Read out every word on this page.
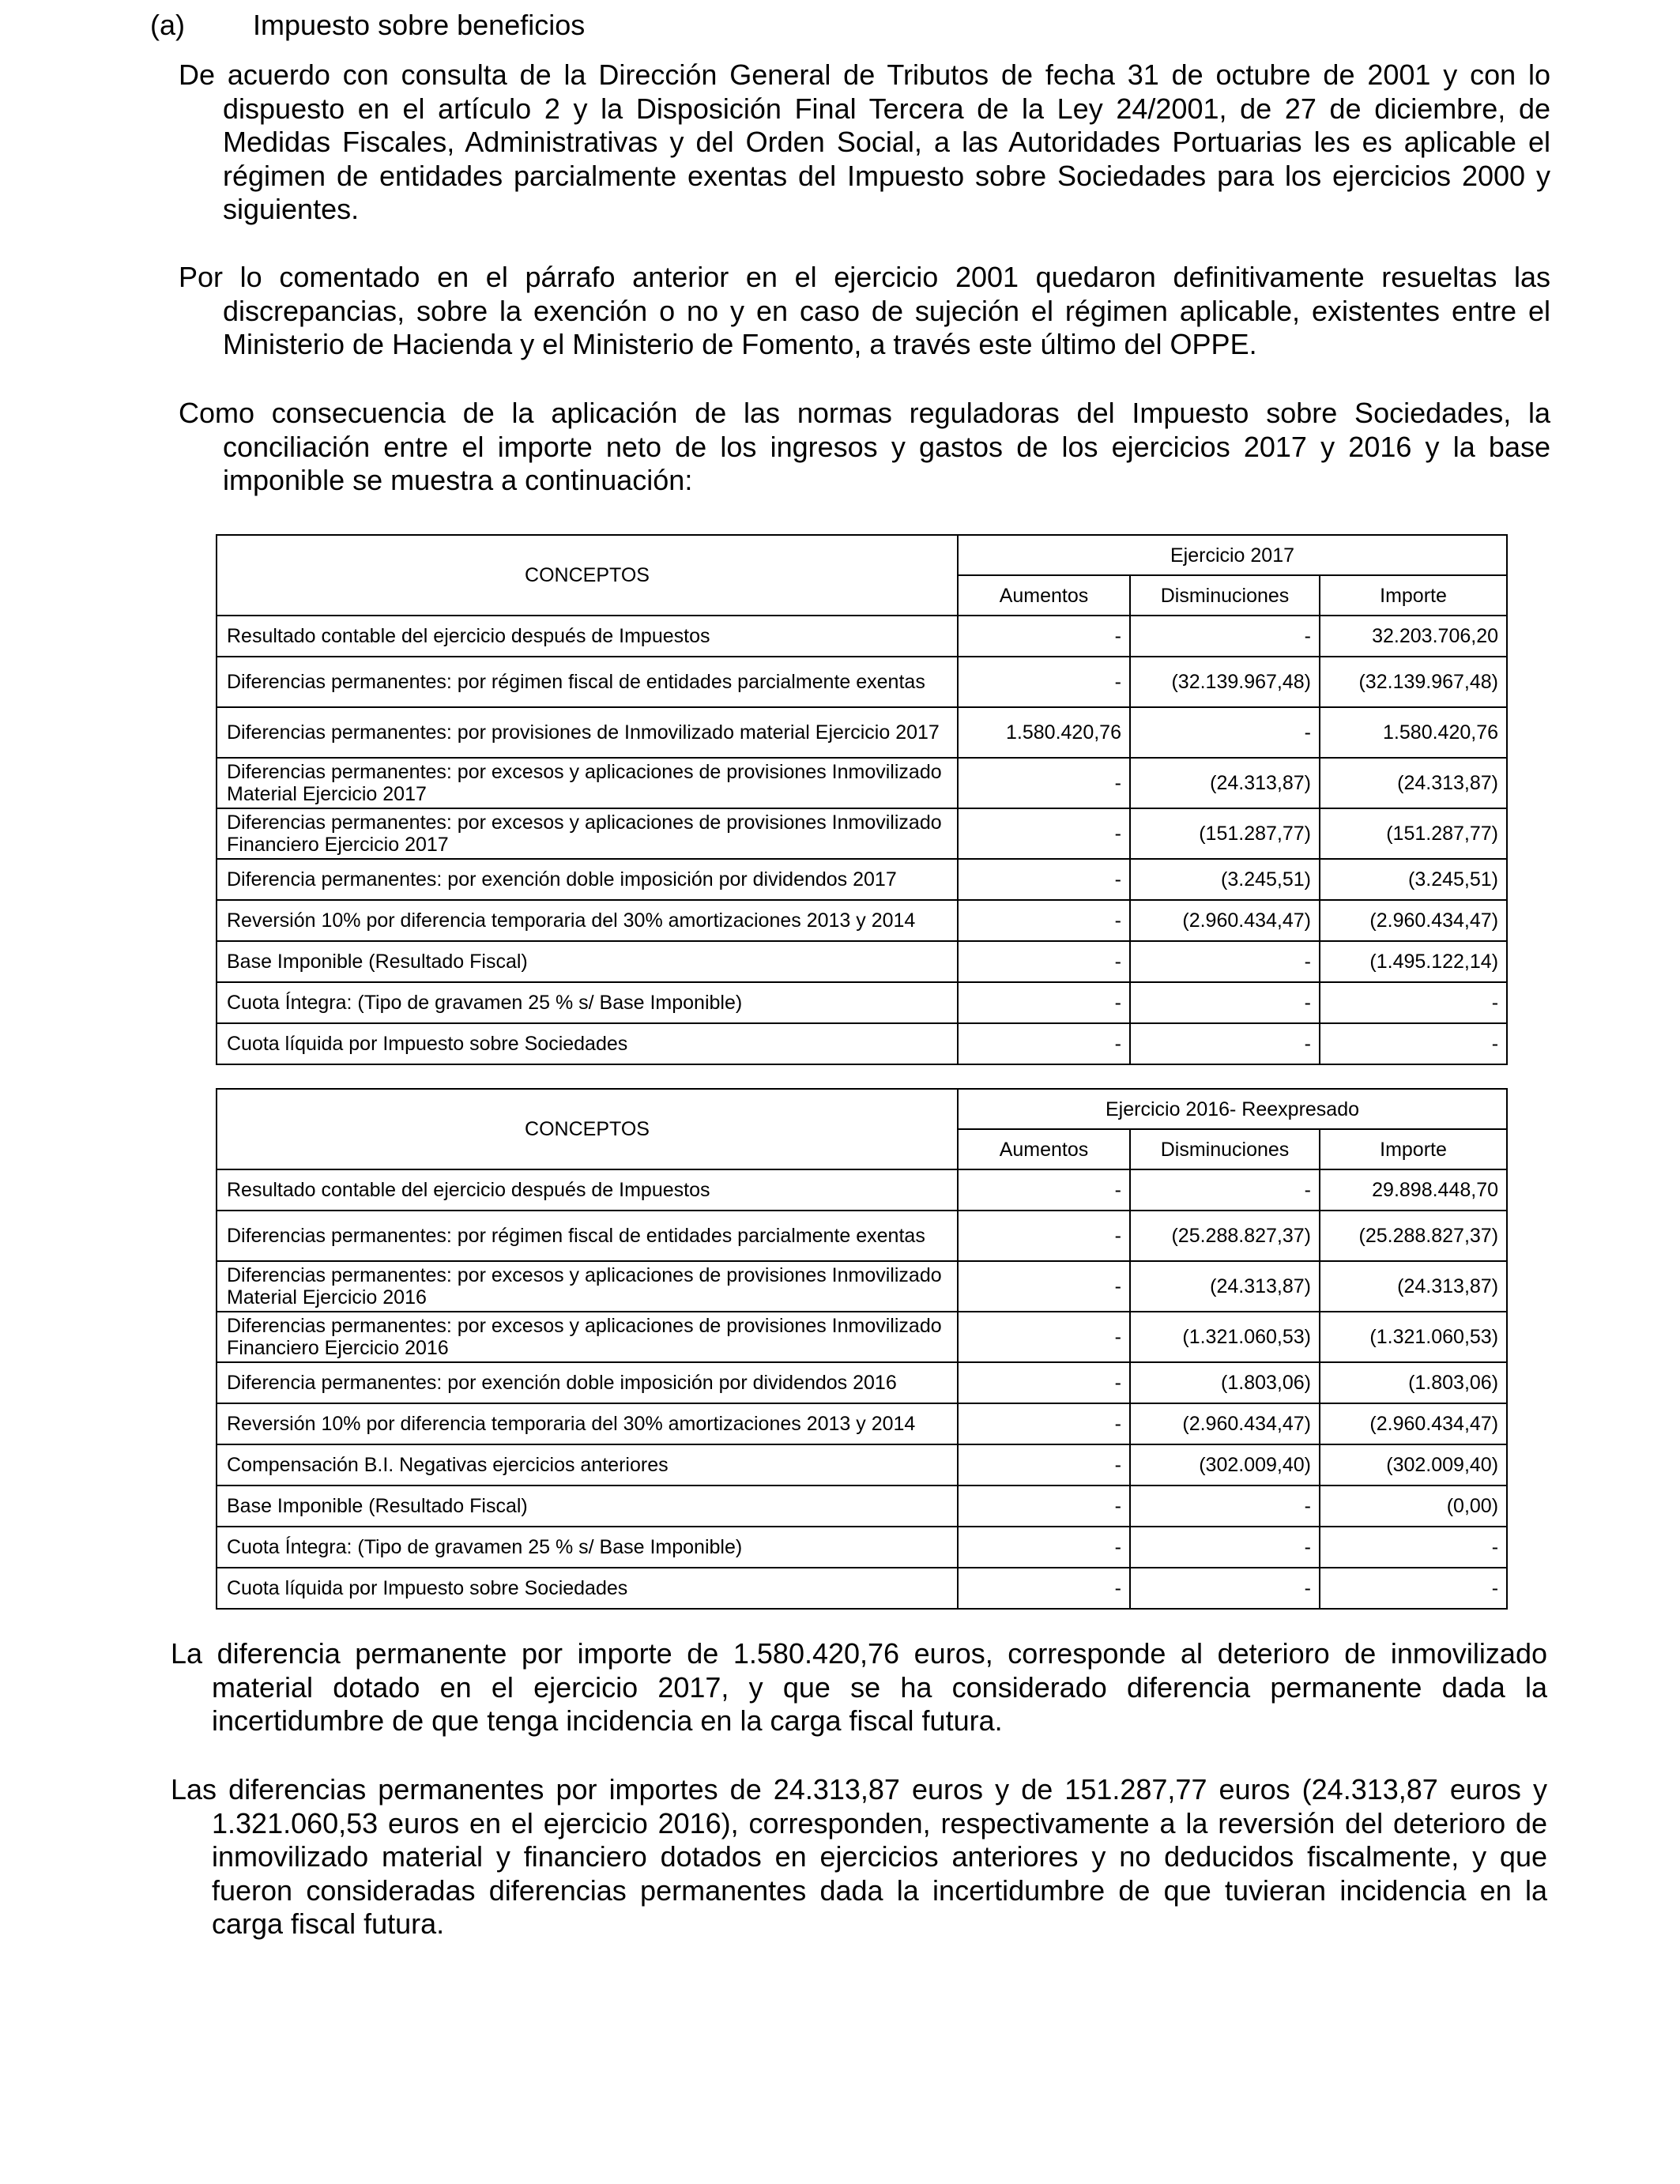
(a) Impuesto sobre beneficios

De acuerdo con consulta de la Dirección General de Tributos de fecha 31 de octubre de 2001 y con lo dispuesto en el artículo 2 y la Disposición Final Tercera de la Ley 24/2001, de 27 de diciembre, de Medidas Fiscales, Administrativas y del Orden Social, a las Autoridades Portuarias les es aplicable el régimen de entidades parcialmente exentas del Impuesto sobre Sociedades para los ejercicios 2000 y siguientes.

Por lo comentado en el párrafo anterior en el ejercicio 2001 quedaron definitivamente resueltas las discrepancias, sobre la exención o no y en caso de sujeción el régimen aplicable, existentes entre el Ministerio de Hacienda y el Ministerio de Fomento, a través este último del OPPE.

Como consecuencia de la aplicación de las normas reguladoras del Impuesto sobre Sociedades, la conciliación entre el importe neto de los ingresos y gastos de los ejercicios 2017 y 2016 y la base imponible se muestra a continuación:

CONCEPTOS	Ejercicio 2017		
	Aumentos	Disminuciones	Importe
Resultado contable del ejercicio después de Impuestos	-	-	32.203.706,20
Diferencias permanentes: por régimen fiscal de entidades parcialmente exentas	-	(32.139.967,48)	(32.139.967,48)
Diferencias permanentes: por provisiones de Inmovilizado material Ejercicio 2017	1.580.420,76	-	1.580.420,76
Diferencias permanentes: por excesos y aplicaciones de provisiones Inmovilizado Material Ejercicio 2017	-	(24.313,87)	(24.313,87)
Diferencias permanentes: por excesos y aplicaciones de provisiones Inmovilizado Financiero Ejercicio 2017	-	(151.287,77)	(151.287,77)
Diferencia permanentes: por exención doble imposición por dividendos 2017	-	(3.245,51)	(3.245,51)
Reversión 10% por diferencia temporaria del 30% amortizaciones 2013 y 2014	-	(2.960.434,47)	(2.960.434,47)
Base Imponible (Resultado Fiscal)	-	-	(1.495.122,14)
Cuota Íntegra: (Tipo de gravamen 25 % s/ Base Imponible)	-	-	-
Cuota líquida por Impuesto sobre Sociedades	-	-	-
CONCEPTOS	Ejercicio 2016- Reexpresado		
	Aumentos	Disminuciones	Importe
Resultado contable del ejercicio después de Impuestos	-	-	29.898.448,70
Diferencias permanentes: por régimen fiscal de entidades parcialmente exentas	-	(25.288.827,37)	(25.288.827,37)
Diferencias permanentes: por excesos y aplicaciones de provisiones Inmovilizado Material Ejercicio 2016	-	(24.313,87)	(24.313,87)
Diferencias permanentes: por excesos y aplicaciones de provisiones Inmovilizado Financiero Ejercicio 2016	-	(1.321.060,53)	(1.321.060,53)
Diferencia permanentes: por exención doble imposición por dividendos 2016	-	(1.803,06)	(1.803,06)
Reversión 10% por diferencia temporaria del 30% amortizaciones 2013 y 2014	-	(2.960.434,47)	(2.960.434,47)
Compensación B.I. Negativas ejercicios anteriores	-	(302.009,40)	(302.009,40)
Base Imponible (Resultado Fiscal)	-	-	(0,00)
Cuota Íntegra: (Tipo de gravamen 25 % s/ Base Imponible)	-	-	-
Cuota líquida por Impuesto sobre Sociedades	-	-	-

La diferencia permanente por importe de 1.580.420,76 euros, corresponde al deterioro de inmovilizado material dotado en el ejercicio 2017, y que se ha considerado diferencia permanente dada la incertidumbre de que tenga incidencia en la carga fiscal futura.

Las diferencias permanentes por importes de 24.313,87 euros y de 151.287,77 euros (24.313,87 euros y 1.321.060,53 euros en el ejercicio 2016), corresponden, respectivamente a la reversión del deterioro de inmovilizado material y financiero dotados en ejercicios anteriores y no deducidos fiscalmente, y que fueron consideradas diferencias permanentes dada la incertidumbre de que tuvieran incidencia en la carga fiscal futura.
